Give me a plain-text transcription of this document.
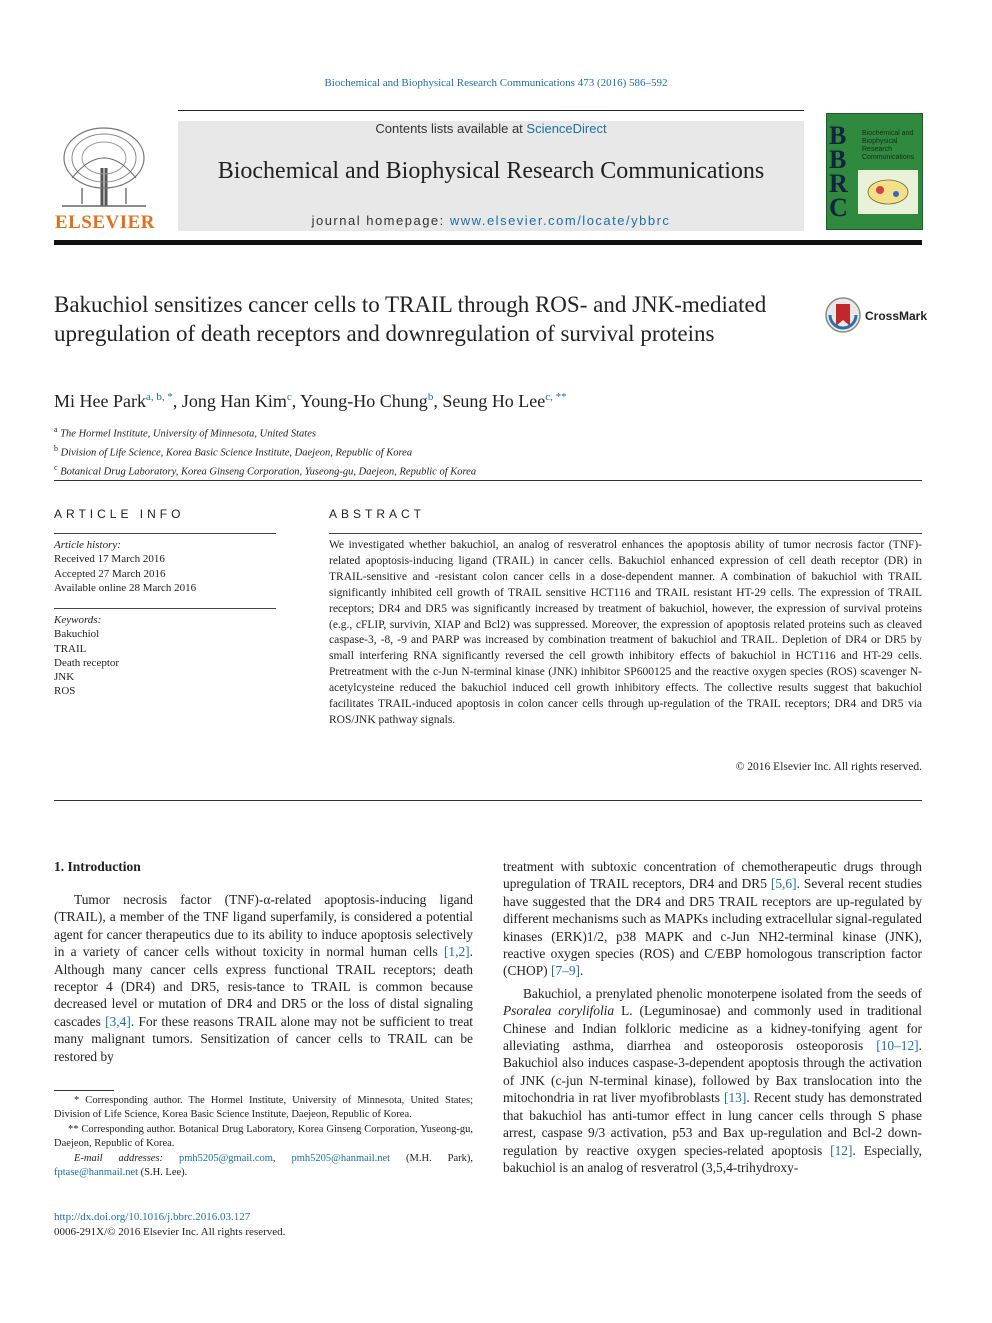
Biochemical and Biophysical Research Communications 473 (2016) 586–592
ELSEVIER
Contents lists available at ScienceDirect
Biochemical and Biophysical Research Communications
journal homepage: www.elsevier.com/locate/ybbrc
BBRC
Biochemical and Biophysical Research Communications
Bakuchiol sensitizes cancer cells to TRAIL through ROS- and JNK-mediated upregulation of death receptors and downregulation of survival proteins
CrossMark
Mi Hee Park$^{a, b, *}$, Jong Han Kim$^c$, Young-Ho Chung$^b$, Seung Ho Lee$^{c, **}$
$^a$ The Hormel Institute, University of Minnesota, United States
$^b$ Division of Life Science, Korea Basic Science Institute, Daejeon, Republic of Korea
$^c$ Botanical Drug Laboratory, Korea Ginseng Corporation, Yuseong-gu, Daejeon, Republic of Korea
ARTICLE INFO
Article history:
Received 17 March 2016
Accepted 27 March 2016
Available online 28 March 2016
Keywords:
Bakuchiol
TRAIL
Death receptor
JNK
ROS
ABSTRACT
We investigated whether bakuchiol, an analog of resveratrol enhances the apoptosis ability of tumor necrosis factor (TNF)-related apoptosis-inducing ligand (TRAIL) in cancer cells. Bakuchiol enhanced expression of cell death receptor (DR) in TRAIL-sensitive and -resistant colon cancer cells in a dose-dependent manner. A combination of bakuchiol with TRAIL significantly inhibited cell growth of TRAIL sensitive HCT116 and TRAIL resistant HT-29 cells. The expression of TRAIL receptors; DR4 and DR5 was significantly increased by treatment of bakuchiol, however, the expression of survival proteins (e.g., cFLIP, survivin, XIAP and Bcl2) was suppressed. Moreover, the expression of apoptosis related proteins such as cleaved caspase-3, -8, -9 and PARP was increased by combination treatment of bakuchiol and TRAIL. Depletion of DR4 or DR5 by small interfering RNA significantly reversed the cell growth inhibitory effects of bakuchiol in HCT116 and HT-29 cells. Pretreatment with the c-Jun N-terminal kinase (JNK) inhibitor SP600125 and the reactive oxygen species (ROS) scavenger N-acetylcysteine reduced the bakuchiol induced cell growth inhibitory effects. The collective results suggest that bakuchiol facilitates TRAIL-induced apoptosis in colon cancer cells through up-regulation of the TRAIL receptors; DR4 and DR5 via ROS/JNK pathway signals.
© 2016 Elsevier Inc. All rights reserved.
1. Introduction

Tumor necrosis factor (TNF)-α-related apoptosis-inducing ligand (TRAIL), a member of the TNF ligand superfamily, is considered a potential agent for cancer therapeutics due to its ability to induce apoptosis selectively in a variety of cancer cells without toxicity in normal human cells [1,2]. Although many cancer cells express functional TRAIL receptors; death receptor 4 (DR4) and DR5, resis-tance to TRAIL is common because decreased level or mutation of DR4 and DR5 or the loss of distal signaling cascades [3,4]. For these reasons TRAIL alone may not be sufficient to treat many malignant tumors. Sensitization of cancer cells to TRAIL can be restored by

treatment with subtoxic concentration of chemotherapeutic drugs through upregulation of TRAIL receptors, DR4 and DR5 [5,6]. Several recent studies have suggested that the DR4 and DR5 TRAIL receptors are up-regulated by different mechanisms such as MAPKs including extracellular signal-regulated kinases (ERK)1/2, p38 MAPK and c-Jun NH2-terminal kinase (JNK), reactive oxygen species (ROS) and C/EBP homologous transcription factor (CHOP) [7–9].

Bakuchiol, a prenylated phenolic monoterpene isolated from the seeds of Psoralea corylifolia L. (Leguminosae) and commonly used in traditional Chinese and Indian folkloric medicine as a kidney-tonifying agent for alleviating asthma, diarrhea and osteoporosis osteoporosis [10–12]. Bakuchiol also induces caspase-3-dependent apoptosis through the activation of JNK (c-jun N-terminal kinase), followed by Bax translocation into the mitochondria in rat liver myofibroblasts [13]. Recent study has demonstrated that bakuchiol has anti-tumor effect in lung cancer cells through S phase arrest, caspase 9/3 activation, p53 and Bax up-regulation and Bcl-2 down-regulation by reactive oxygen species-related apoptosis [12]. Especially, bakuchiol is an analog of resveratrol (3,5,4-trihydroxy-

* Corresponding author. The Hormel Institute, University of Minnesota, United States; Division of Life Science, Korea Basic Science Institute, Daejeon, Republic of Korea.

** Corresponding author. Botanical Drug Laboratory, Korea Ginseng Corporation, Yuseong-gu, Daejeon, Republic of Korea.

E-mail addresses: pmh5205@gmail.com, pmh5205@hanmail.net (M.H. Park), fptase@hanmail.net (S.H. Lee).

http://dx.doi.org/10.1016/j.bbrc.2016.03.127
0006-291X/© 2016 Elsevier Inc. All rights reserved.
